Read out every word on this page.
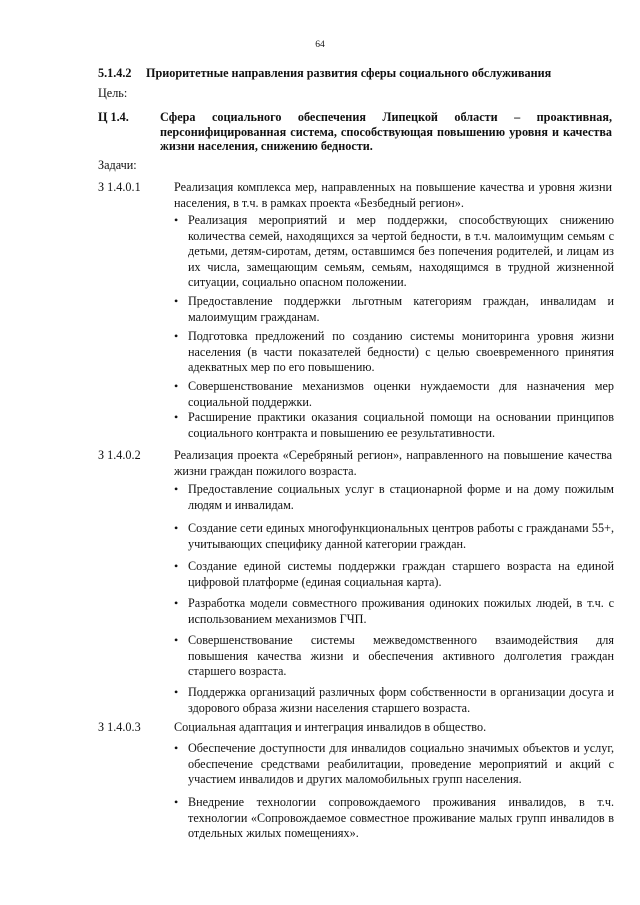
64
5.1.4.2 Приоритетные направления развития сферы социального обслуживания
Цель:
Ц 1.4.	Сфера социального обеспечения Липецкой области – проактивная, персонифицированная система, способствующая повышению уровня и качества жизни населения, снижению бедности.
Задачи:
З 1.4.0.1	Реализация комплекса мер, направленных на повышение качества и уровня жизни населения, в т.ч. в рамках проекта «Безбедный регион».
• Реализация мероприятий и мер поддержки, способствующих снижению количества семей, находящихся за чертой бедности, в т.ч. малоимущим семьям с детьми, детям-сиротам, детям, оставшимся без попечения родителей, и лицам из их числа, замещающим семьям, семьям, находящимся в трудной жизненной ситуации, социально опасном положении.
• Предоставление поддержки льготным категориям граждан, инвалидам и малоимущим гражданам.
• Подготовка предложений по созданию системы мониторинга уровня жизни населения (в части показателей бедности) с целью своевременного принятия адекватных мер по его повышению.
• Совершенствование механизмов оценки нуждаемости для назначения мер социальной поддержки.
• Расширение практики оказания социальной помощи на основании принципов социального контракта и повышению ее результативности.
З 1.4.0.2	Реализация проекта «Серебряный регион», направленного на повышение качества жизни граждан пожилого возраста.
• Предоставление социальных услуг в стационарной форме и на дому пожилым людям и инвалидам.
• Создание сети единых многофункциональных центров работы с гражданами 55+, учитывающих специфику данной категории граждан.
• Создание единой системы поддержки граждан старшего возраста на единой цифровой платформе (единая социальная карта).
• Разработка модели совместного проживания одиноких пожилых людей, в т.ч. с использованием механизмов ГЧП.
• Совершенствование системы межведомственного взаимодействия для повышения качества жизни и обеспечения активного долголетия граждан старшего возраста.
• Поддержка организаций различных форм собственности в организации досуга и здорового образа жизни населения старшего возраста.
З 1.4.0.3	Социальная адаптация и интеграция инвалидов в общество.
• Обеспечение доступности для инвалидов социально значимых объектов и услуг, обеспечение средствами реабилитации, проведение мероприятий и акций с участием инвалидов и других маломобильных групп населения.
• Внедрение технологии сопровождаемого проживания инвалидов, в т.ч. технологии «Сопровождаемое совместное проживание малых групп инвалидов в отдельных жилых помещениях».
